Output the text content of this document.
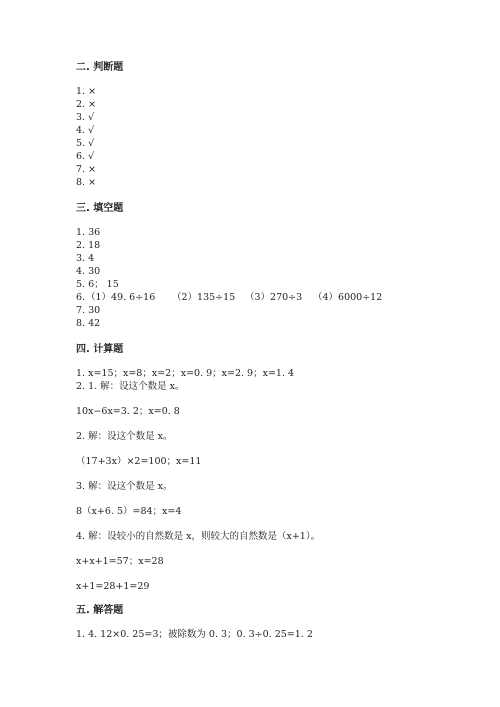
二. 判断题
1. ×
2. ×
3. √
4. √
5. √
6. √
7. ×
8. ×
三. 填空题
1. 36
2. 18
3. 4
4. 30
5. 6； 15
6. （1）49. 6÷16 （2）135÷15 （3）270÷3 （4）6000÷12
7. 30
8. 42
四. 计算题
1. x=15；x=8；x=2；x=0. 9；x=2. 9；x=1. 4
2. 1. 解：设这个数是 x。
10x−6x=3. 2；x=0. 8
2. 解：设这个数是 x。
（17+3x）×2=100；x=11
3. 解：设这个数是 x。
8（x+6. 5）=84；x=4
4. 解：设较小的自然数是 x，则较大的自然数是（x+1）。
x+x+1=57；x=28
x+1=28+1=29
五. 解答题
1. 4. 12×0. 25=3；被除数为 0. 3；0. 3÷0. 25=1. 2
